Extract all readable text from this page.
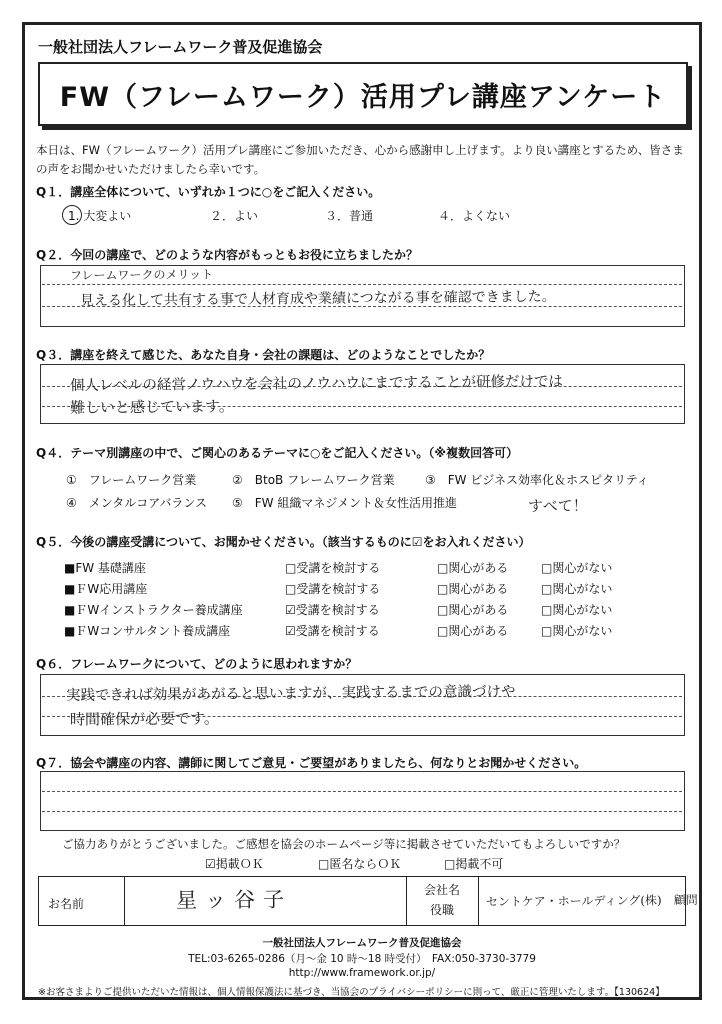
一般社団法人フレームワーク普及促進協会
FW（フレームワーク）活用プレ講座アンケート
本日は、FW（フレームワーク）活用プレ講座にご参加いただき、心から感謝申し上げます。より良い講座とするため、皆さまの声をお聞かせいただけましたら幸いです。
Q１．講座全体について、いずれか１つに○をご記入ください。
1. 大変よい	２．よい	３．普通	４．よくない
Q２．今回の講座で、どのような内容がもっともお役に立ちましたか？
フレームワークのメリット
見える化して共有する事で人材育成や業績につながる事を確認できました。
Q３．講座を終えて感じた、あなた自身・会社の課題は、どのようなことでしたか？
個人レベルの経営ノウハウを会社のノウハウにまですることが研修だけでは
難しいと感じています。
Q４．テーマ別講座の中で、ご関心のあるテーマに○をご記入ください。（※複数回答可）
①　フレームワーク営業	②　BtoB フレームワーク営業	③　FW ビジネス効率化＆ホスピタリティ
④　メンタルコアバランス ⑤　FW 組織マネジメント＆女性活用推進	すべて！
Q５．今後の講座受講について、お聞かせください。（該当するものに☑をお入れください）
■FW 基礎講座	□受講を検討する	□関心がある	□関心がない
■ＦW応用講座	□受講を検討する	□関心がある	□関心がない
■ＦWインストラクター養成講座	☑受講を検討する	□関心がある	□関心がない
■ＦWコンサルタント養成講座	☑受講を検討する	□関心がある	□関心がない
Q６．フレームワークについて、どのように思われますか？
実践できれば効果があがると思いますが、実践するまでの意識づけや
時間確保が必要です。
Q７．協会や講座の内容、講師に関してご意見・ご要望がありましたら、何なりとお聞かせください。
ご協力ありがとうございました。ご感想を協会のホームページ等に掲載させていただいてもよろしいですか？
☑掲載ＯＫ	□匿名ならＯＫ	□掲載不可
お名前	星ッ谷子	会社名
役職
セントケア・ホールディング(株)　顧問
一般社団法人フレームワーク普及促進協会
TEL:03-6265-0286（月～金 10 時～18 時受付）　FAX:050-3730-3779
http://www.framework.or.jp/
※お客さまよりご提供いただいた情報は、個人情報保護法に基づき、当協会のプライバシーポリシーに則って、厳正に管理いたします。【130624】
